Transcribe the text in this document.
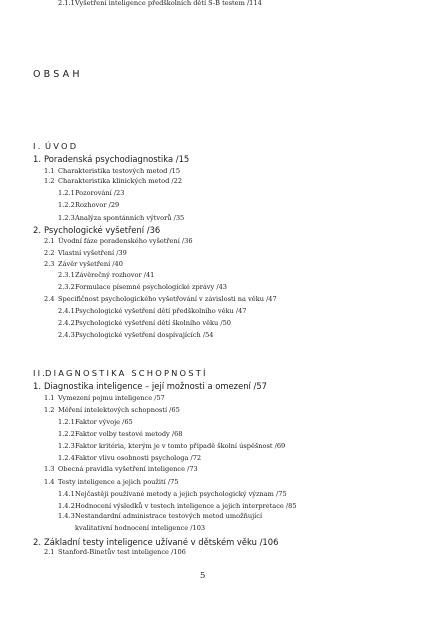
OBSAH
I. ÚVOD
1. Poradenská psychodiagnostika /15
1.1 Charakteristika testových metod /15
1.2 Charakteristika klinických metod /22
1.2.1Pozorování /23
1.2.2Rozhovor /29
1.2.3Analýza spontánních výtvorů /35
2. Psychologické vyšetření /36
2.1 Úvodní fáze poradenského vyšetření /36
2.2 Vlastní vyšetření /39
2.3 Závěr vyšetření /40
2.3.1Závěrečný rozhovor /41
2.3.2Formulace písemné psychologické zprávy /43
2.4 Specifičnost psychologického vyšetřování v závislosti na věku /47
2.4.1Psychologické vyšetření dětí předškolního věku /47
2.4.2Psychologické vyšetření dětí školního věku /50
2.4.3Psychologické vyšetření dospívajících /54
II.DIAGNOSTIKA SCHOPNOSTÍ
1. Diagnostika inteligence – její možnosti a omezení /57
1.1 Vymezení pojmu inteligence /57
1.2 Měření intelektových schopností /65
1.2.1Faktor vývoje /65
1.2.2Faktor volby testové metody /68
1.2.3Faktor kritéria, kterým je v tomto případě školní úspěšnost /69
1.2.4Faktor vlivu osobnosti psychologa /72
1.3 Obecná pravidla vyšetření inteligence /73
1.4 Testy inteligence a jejich použití /75
1.4.1Nejčastěji používané metody a jejich psychologický význam /75
1.4.2Hodnocení výsledků v testech inteligence a jejich interpretace /85
1.4.3Nestandardní administrace testových metod umožňující
kvalitativní hodnocení inteligence /103
2. Základní testy inteligence užívané v dětském věku /106
2.1 Stanford-Binetův test inteligence /106
2.1.1Vyšetření inteligence předškolních dětí S-B testem /114
5
